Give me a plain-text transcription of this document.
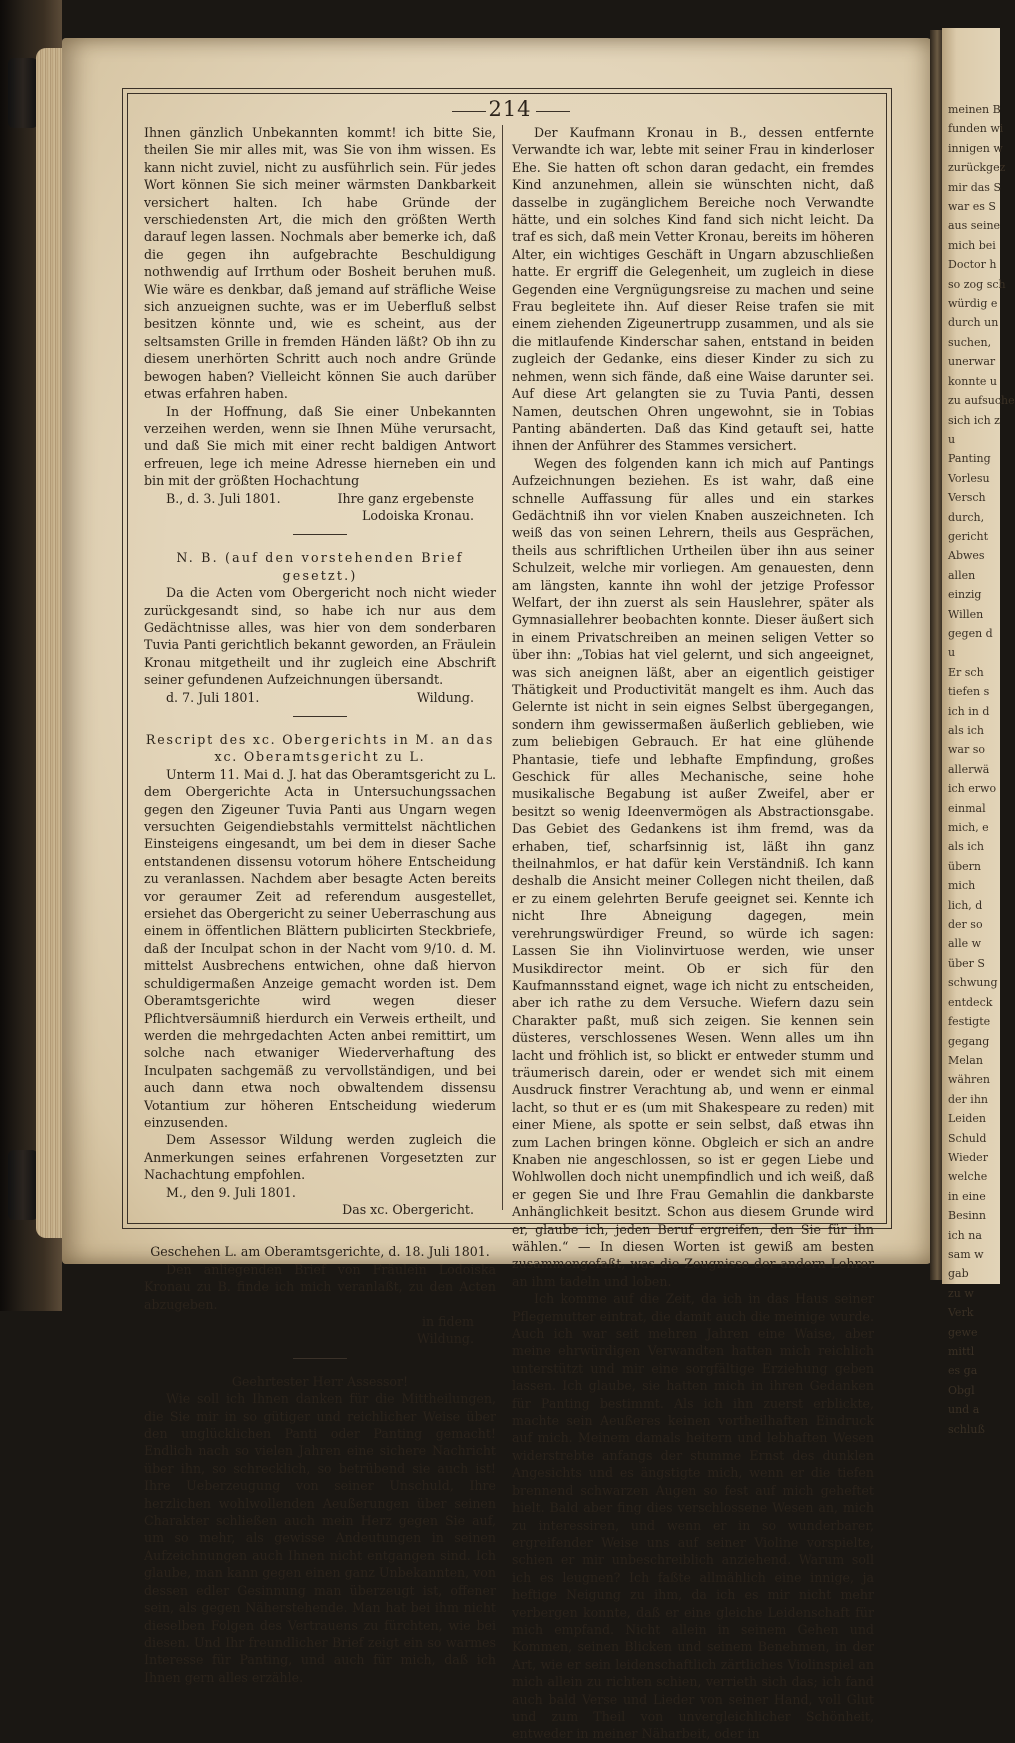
meinen B
funden wi
innigen w
zurückgez
mir das S
war es S
aus seine
mich bei
Doctor h
so zog sch
würdig e
durch un
suchen,
unerwar
konnte u
zu aufsuche
sich ich z
u
Panting
Vorlesu
Versch
durch,
gericht
Abwes
allen
einzig
Willen
gegen d
u
Er sch
tiefen s
ich in d
als ich
war so
allerwä
ich erwo
einmal
mich, e
als ich
übern
mich
lich, d
der so
alle w
über S
schwung
entdeck
festigte
gegang
Melan
währen
der ihn
Leiden
Schuld
Wieder
welche
in eine
Besinn
ich na
sam w
gab
zu w
Verk
gewe
mittl
es ga
Obgl
und a
schluß
214

Ihnen gänzlich Unbekannten kommt! ich bitte Sie, theilen Sie mir alles mit, was Sie von ihm wissen. Es kann nicht zuviel, nicht zu ausführlich sein. Für jedes Wort können Sie sich meiner wärmsten Dankbarkeit versichert halten. Ich habe Gründe der verschiedensten Art, die mich den größten Werth darauf legen lassen. Nochmals aber bemerke ich, daß die gegen ihn aufgebrachte Beschuldigung nothwendig auf Irrthum oder Bosheit beruhen muß. Wie wäre es denkbar, daß jemand auf sträfliche Weise sich anzueignen suchte, was er im Ueberfluß selbst besitzen könnte und, wie es scheint, aus der seltsamsten Grille in fremden Händen läßt? Ob ihn zu diesem unerhörten Schritt auch noch andre Gründe bewogen haben? Vielleicht können Sie auch darüber etwas erfahren haben.

In der Hoffnung, daß Sie einer Unbekannten verzeihen werden, wenn sie Ihnen Mühe verursacht, und daß Sie mich mit einer recht baldigen Antwort erfreuen, lege ich meine Adresse hierneben ein und bin mit der größten Hochachtung

B., d. 3. Juli 1801.	Ihre ganz ergebenste

Lodoiska Kronau.

N. B. (auf den vorstehenden Brief gesetzt.)

Da die Acten vom Obergericht noch nicht wieder zurückgesandt sind, so habe ich nur aus dem Gedächtnisse alles, was hier von dem sonderbaren Tuvia Panti gerichtlich bekannt geworden, an Fräulein Kronau mitgetheilt und ihr zugleich eine Abschrift seiner gefundenen Aufzeichnungen übersandt.

d. 7. Juli 1801.	Wildung.

Rescript des xc. Obergerichts in M. an das xc. Oberamtsgericht zu L.

Unterm 11. Mai d. J. hat das Oberamtsgericht zu L. dem Obergerichte Acta in Untersuchungssachen gegen den Zigeuner Tuvia Panti aus Ungarn wegen versuchten Geigendiebstahls vermittelst nächtlichen Einsteigens eingesandt, um bei dem in dieser Sache entstandenen dissensu votorum höhere Entscheidung zu veranlassen. Nachdem aber besagte Acten bereits vor geraumer Zeit ad referendum ausgestellet, ersiehet das Obergericht zu seiner Ueberraschung aus einem in öffentlichen Blättern publicirten Steckbriefe, daß der Inculpat schon in der Nacht vom 9/10. d. M. mittelst Ausbrechens entwichen, ohne daß hiervon schuldigermaßen Anzeige gemacht worden ist. Dem Oberamtsgerichte wird wegen dieser Pflichtversäumniß hierdurch ein Verweis ertheilt, und werden die mehrgedachten Acten anbei remittirt, um solche nach etwaniger Wiederverhaftung des Inculpaten sachgemäß zu vervollständigen, und bei auch dann etwa noch obwaltendem dissensu Votantium zur höheren Entscheidung wiederum einzusenden.

Dem Assessor Wildung werden zugleich die Anmerkungen seines erfahrenen Vorgesetzten zur Nachachtung empfohlen.

M., den 9. Juli 1801.

Das xc. Obergericht.

Geschehen L. am Oberamtsgerichte, d. 18. Juli 1801.

Den anliegenden Brief von Fräulein Lodoiska Kronau zu B. finde ich mich veranlaßt, zu den Acten abzugeben.

in fidem

Wildung.

Geehrtester Herr Assessor!

Wie soll ich Ihnen danken für die Mittheilungen, die Sie mir in so gütiger und reichlicher Weise über den unglücklichen Panti oder Panting gemacht! Endlich nach so vielen Jahren eine sichere Nachricht über ihn, so schrecklich, so betrübend sie auch ist! Ihre Ueberzeugung von seiner Unschuld, Ihre herzlichen wohlwollenden Aeußerungen über seinen Charakter schließen auch mein Herz gegen Sie auf, um so mehr, als gewisse Andeutungen in seinen Aufzeichnungen auch Ihnen nicht entgangen sind. Ich glaube, man kann gegen einen ganz Unbekannten, von dessen edler Gesinnung man überzeugt ist, offener sein, als gegen Näherstehende. Man hat bei ihm nicht dieselben Folgen des Vertrauens zu fürchten, wie bei diesen. Und Ihr freundlicher Brief zeigt ein so warmes Interesse für Panting, und auch für mich, daß ich Ihnen gern alles erzähle.

Der Kaufmann Kronau in B., dessen entfernte Verwandte ich war, lebte mit seiner Frau in kinderloser Ehe. Sie hatten oft schon daran gedacht, ein fremdes Kind anzunehmen, allein sie wünschten nicht, daß dasselbe in zugänglichem Bereiche noch Verwandte hätte, und ein solches Kind fand sich nicht leicht. Da traf es sich, daß mein Vetter Kronau, bereits im höheren Alter, ein wichtiges Geschäft in Ungarn abzuschließen hatte. Er ergriff die Gelegenheit, um zugleich in diese Gegenden eine Vergnügungsreise zu machen und seine Frau begleitete ihn. Auf dieser Reise trafen sie mit einem ziehenden Zigeunertrupp zusammen, und als sie die mitlaufende Kinderschar sahen, entstand in beiden zugleich der Gedanke, eins dieser Kinder zu sich zu nehmen, wenn sich fände, daß eine Waise darunter sei. Auf diese Art gelangten sie zu Tuvia Panti, dessen Namen, deutschen Ohren ungewohnt, sie in Tobias Panting abänderten. Daß das Kind getauft sei, hatte ihnen der Anführer des Stammes versichert.

Wegen des folgenden kann ich mich auf Pantings Aufzeichnungen beziehen. Es ist wahr, daß eine schnelle Auffassung für alles und ein starkes Gedächtniß ihn vor vielen Knaben auszeichneten. Ich weiß das von seinen Lehrern, theils aus Gesprächen, theils aus schriftlichen Urtheilen über ihn aus seiner Schulzeit, welche mir vorliegen. Am genauesten, denn am längsten, kannte ihn wohl der jetzige Professor Welfart, der ihn zuerst als sein Hauslehrer, später als Gymnasiallehrer beobachten konnte. Dieser äußert sich in einem Privatschreiben an meinen seligen Vetter so über ihn: „Tobias hat viel gelernt, und sich angeeignet, was sich aneignen läßt, aber an eigentlich geistiger Thätigkeit und Productivität mangelt es ihm. Auch das Gelernte ist nicht in sein eignes Selbst übergegangen, sondern ihm gewissermaßen äußerlich geblieben, wie zum beliebigen Gebrauch. Er hat eine glühende Phantasie, tiefe und lebhafte Empfindung, großes Geschick für alles Mechanische, seine hohe musikalische Begabung ist außer Zweifel, aber er besitzt so wenig Ideenvermögen als Abstractionsgabe. Das Gebiet des Gedankens ist ihm fremd, was da erhaben, tief, scharfsinnig ist, läßt ihn ganz theilnahmlos, er hat dafür kein Verständniß. Ich kann deshalb die Ansicht meiner Collegen nicht theilen, daß er zu einem gelehrten Berufe geeignet sei. Kennte ich nicht Ihre Abneigung dagegen, mein verehrungswürdiger Freund, so würde ich sagen: Lassen Sie ihn Violinvirtuose werden, wie unser Musikdirector meint. Ob er sich für den Kaufmannsstand eignet, wage ich nicht zu entscheiden, aber ich rathe zu dem Versuche. Wiefern dazu sein Charakter paßt, muß sich zeigen. Sie kennen sein düsteres, verschlossenes Wesen. Wenn alles um ihn lacht und fröhlich ist, so blickt er entweder stumm und träumerisch darein, oder er wendet sich mit einem Ausdruck finstrer Verachtung ab, und wenn er einmal lacht, so thut er es (um mit Shakespeare zu reden) mit einer Miene, als spotte er sein selbst, daß etwas ihn zum Lachen bringen könne. Obgleich er sich an andre Knaben nie angeschlossen, so ist er gegen Liebe und Wohlwollen doch nicht unempfindlich und ich weiß, daß er gegen Sie und Ihre Frau Gemahlin die dankbarste Anhänglichkeit besitzt. Schon aus diesem Grunde wird er, glaube ich, jeden Beruf ergreifen, den Sie für ihn wählen.“ — In diesen Worten ist gewiß am besten zusammengefaßt, was die Zeugnisse der andern Lehrer an ihm tadeln und loben.

Ich komme auf die Zeit, da ich in das Haus seiner Pflegemutter eintrat, die damit auch die meinige wurde. Auch ich war seit mehren Jahren eine Waise, aber meine ehrwürdigen Verwandten hatten mich reichlich unterstützt und mir eine sorgfältige Erziehung geben lassen. Ich glaube, sie hatten mich in ihren Gedanken für Panting bestimmt. Als ich ihn zuerst erblickte, machte sein Aeußeres keinen vortheilhaften Eindruck auf mich. Meinem damals heitern und lebhaften Wesen widerstrebte anfangs der stumme Ernst des dunklen Angesichts und es ängstigte mich, wenn er die tiefen brennend schwarzen Augen so fest auf mich geheftet hielt. Bald aber fing dies verschlossene Wesen an, mich zu interessiren, und wenn er in so wunderbarer, ergreifender Weise uns auf seiner Violine vorspielte, schien er mir unbeschreiblich anziehend. Warum soll ich es leugnen? Ich faßte allmählich eine innige, ja heftige Neigung zu ihm, da ich es mir nicht mehr verbergen konnte, daß er eine gleiche Leidenschaft für mich empfand. Nicht allein in seinem Gehen und Kommen, seinen Blicken und seinem Benehmen, in der Art, wie er sein leidenschaftlich zärtliches Violinspiel an mich allein zu richten schien, verrieth sich das; ich fand auch bald Verse und Lieder von seiner Hand, voll Glut und zum Theil von unvergleichlicher Schönheit, entweder in meiner Näharbeit, oder in
